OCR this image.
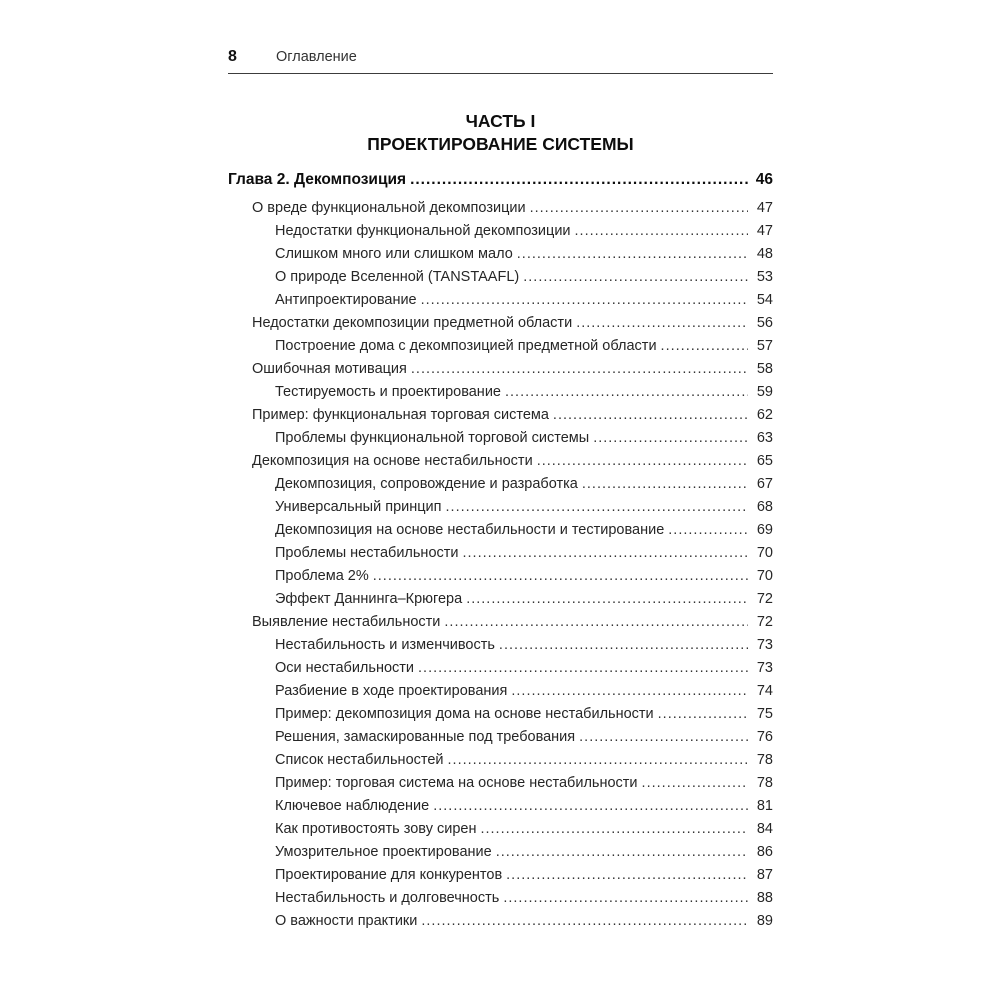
8	Оглавление
ЧАСТЬ I
ПРОЕКТИРОВАНИЕ СИСТЕМЫ
Глава 2. Декомпозиция .....	46
О вреде функциональной декомпозиции .....	47
Недостатки функциональной декомпозиции .....	47
Слишком много или слишком мало .....	48
О природе Вселенной (TANSTAAFL) .....	53
Антипроектирование .....	54
Недостатки декомпозиции предметной области .....	56
Построение дома с декомпозицией предметной области .....	57
Ошибочная мотивация .....	58
Тестируемость и проектирование .....	59
Пример: функциональная торговая система .....	62
Проблемы функциональной торговой системы .....	63
Декомпозиция на основе нестабильности .....	65
Декомпозиция, сопровождение и разработка .....	67
Универсальный принцип .....	68
Декомпозиция на основе нестабильности и тестирование .....	69
Проблемы нестабильности .....	70
Проблема 2% .....	70
Эффект Даннинга–Крюгера .....	72
Выявление нестабильности .....	72
Нестабильность и изменчивость .....	73
Оси нестабильности .....	73
Разбиение в ходе проектирования .....	74
Пример: декомпозиция дома на основе нестабильности .....	75
Решения, замаскированные под требования .....	76
Список нестабильностей .....	78
Пример: торговая система на основе нестабильности .....	78
Ключевое наблюдение .....	81
Как противостоять зову сирен .....	84
Умозрительное проектирование .....	86
Проектирование для конкурентов .....	87
Нестабильность и долговечность .....	88
О важности практики .....	89
